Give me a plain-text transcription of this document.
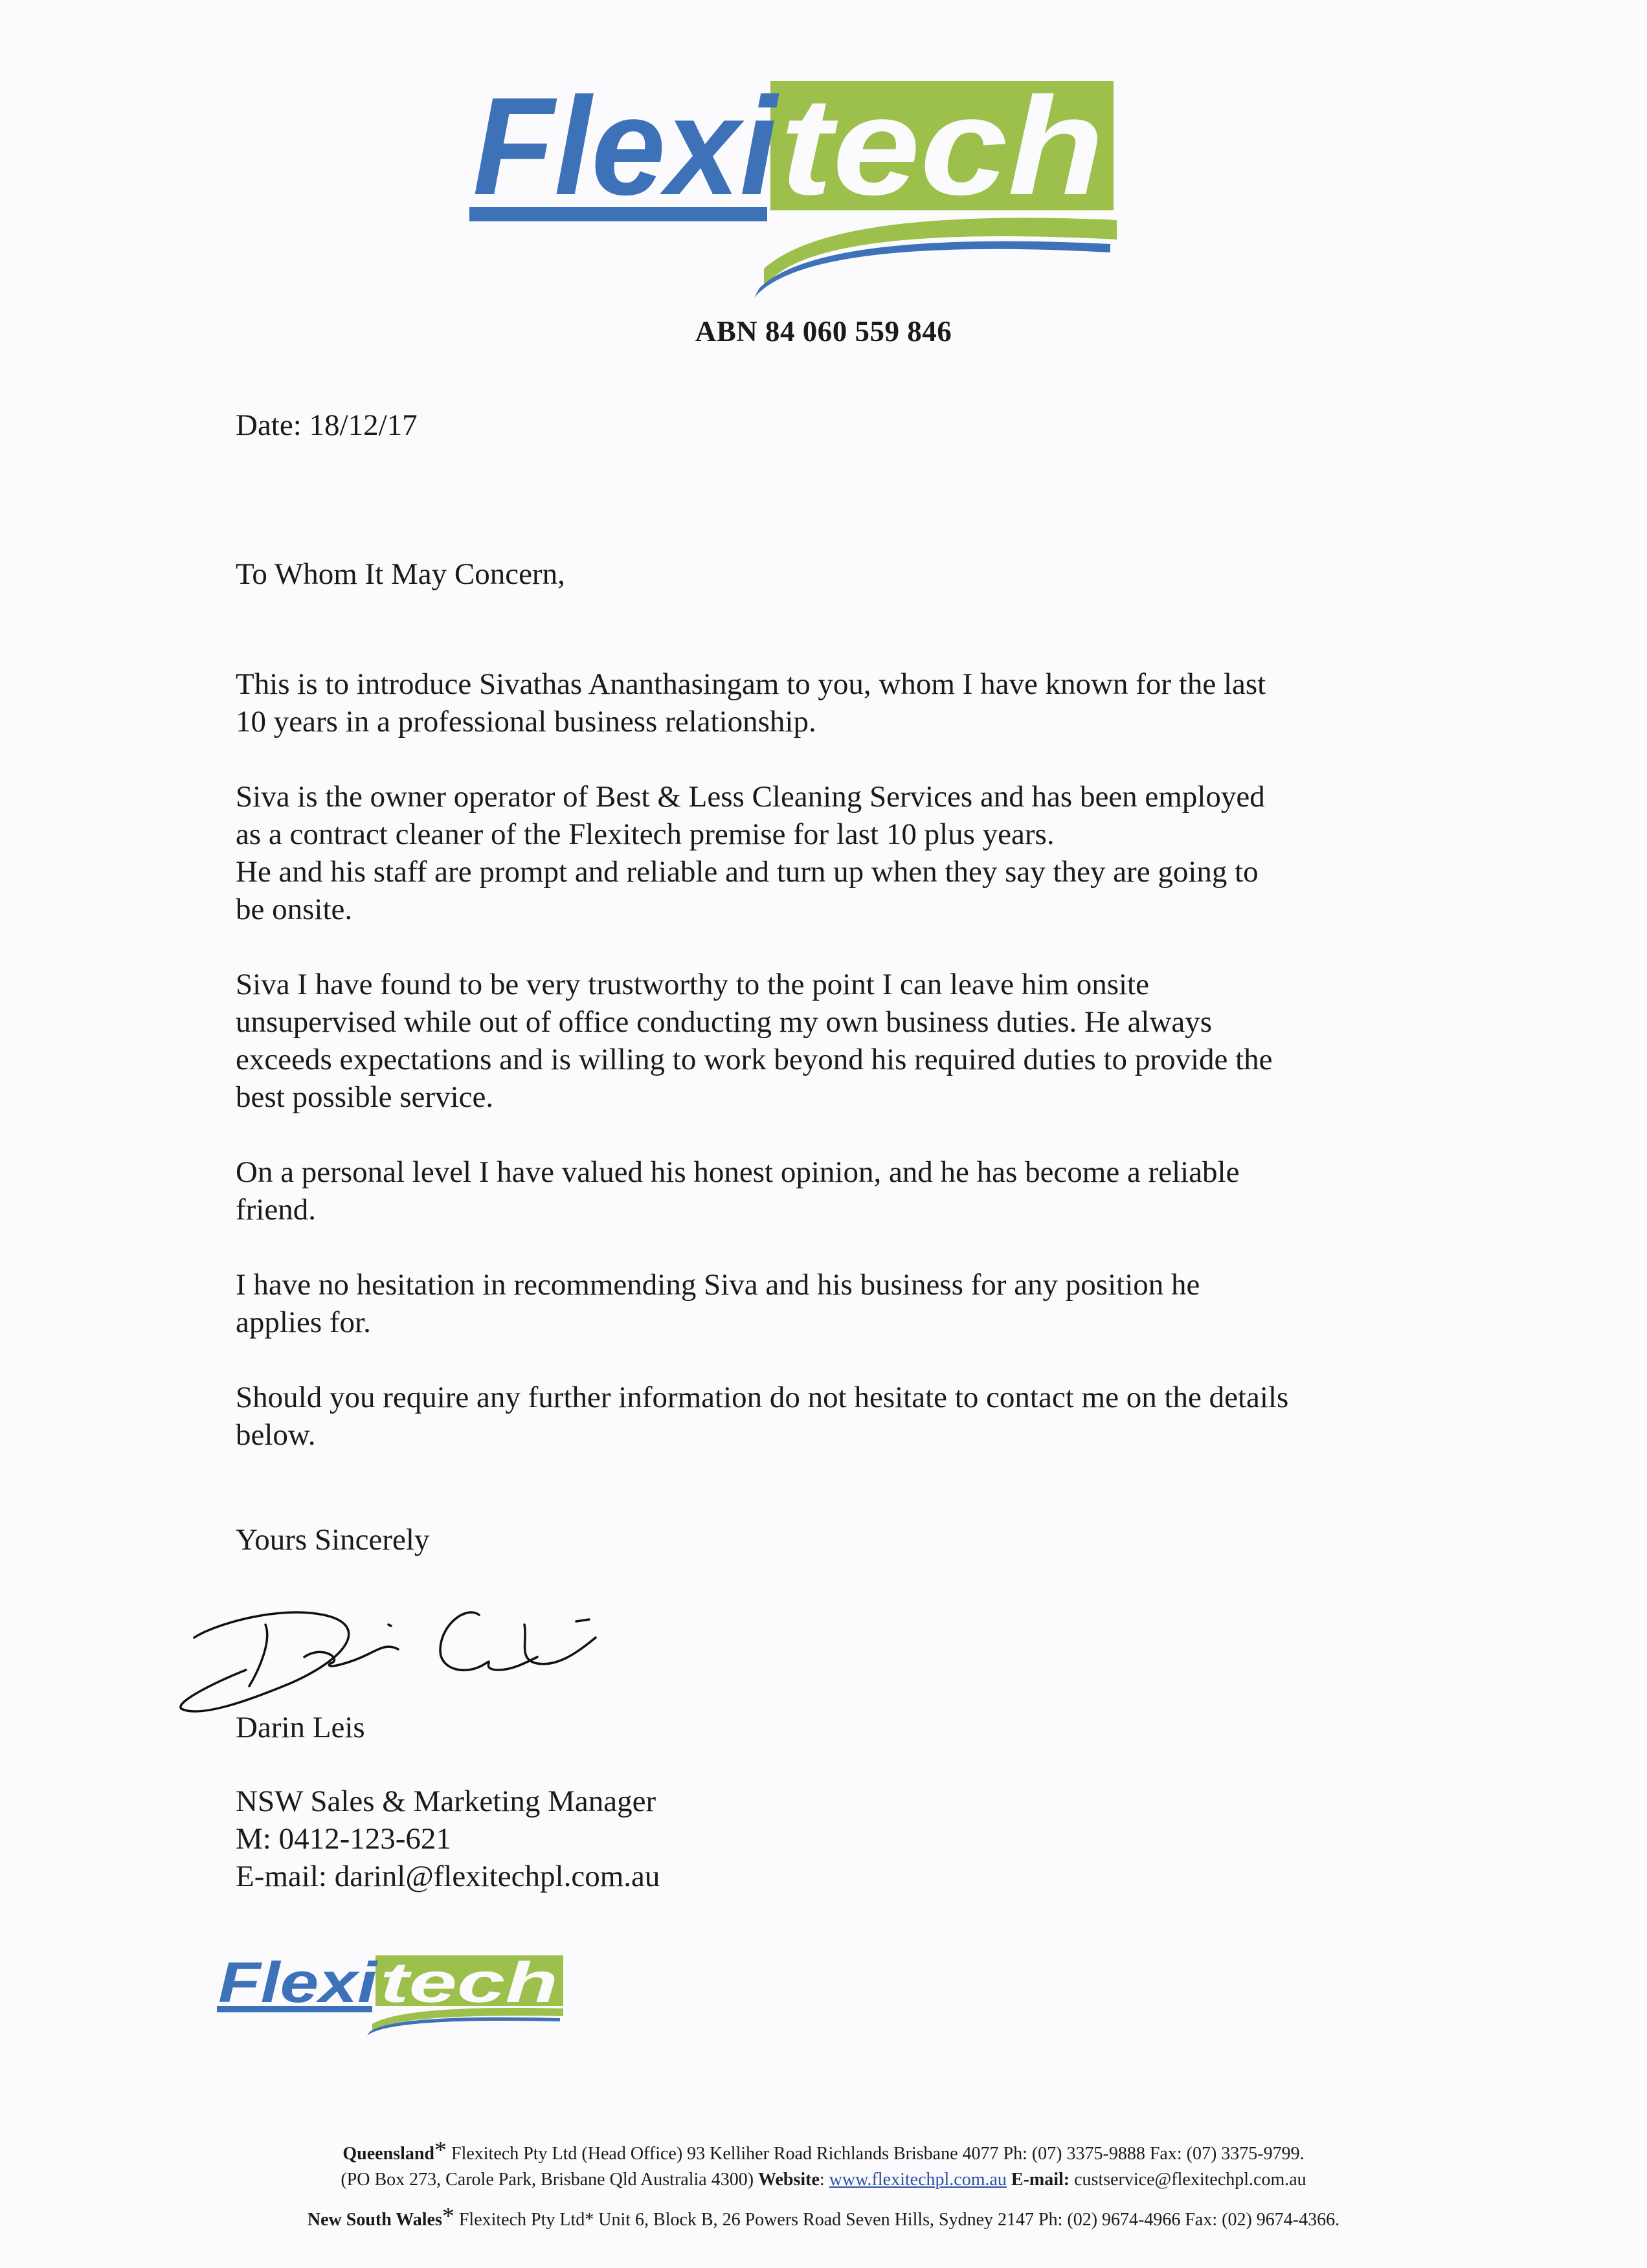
Flexi tech
ABN 84 060 559 846
Date: 18/12/17
To Whom It May Concern,

This is to introduce Sivathas Ananthasingam to you, whom I have known for the last
10 years in a professional business relationship.

Siva is the owner operator of Best & Less Cleaning Services and has been employed
as a contract cleaner of the Flexitech premise for last 10 plus years.
He and his staff are prompt and reliable and turn up when they say they are going to
be onsite.

Siva I have found to be very trustworthy to the point I can leave him onsite
unsupervised while out of office conducting my own business duties. He always
exceeds expectations and is willing to work beyond his required duties to provide the
best possible service.

On a personal level I have valued his honest opinion, and he has become a reliable
friend.

I have no hesitation in recommending Siva and his business for any position he
applies for.

Should you require any further information do not hesitate to contact me on the details
below.

Yours Sincerely
Darin Leis
NSW Sales & Marketing Manager
M: 0412-123-621
E-mail: darinl@flexitechpl.com.au
Flexi tech
Queensland* Flexitech Pty Ltd (Head Office) 93 Kelliher Road Richlands Brisbane 4077 Ph: (07) 3375-9888 Fax: (07) 3375-9799.
(PO Box 273, Carole Park, Brisbane Qld Australia 4300) Website: www.flexitechpl.com.au E-mail: custservice@flexitechpl.com.au
New South Wales* Flexitech Pty Ltd* Unit 6, Block B, 26 Powers Road Seven Hills, Sydney 2147 Ph: (02) 9674-4966 Fax: (02) 9674-4366.
